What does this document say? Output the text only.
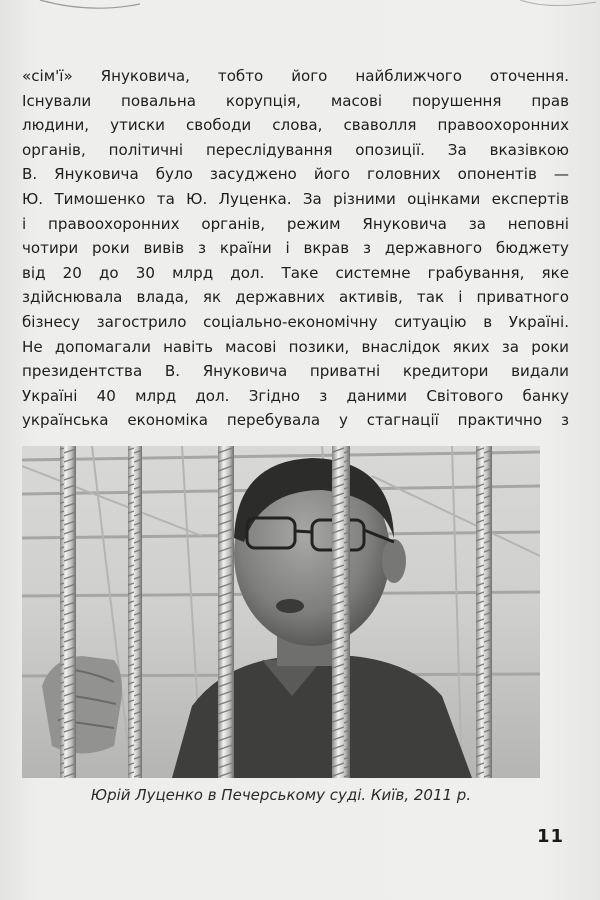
«сім'ї» Януковича, тобто його найближчого оточення.
Існували повальна корупція, масові порушення прав
людини, утиски свободи слова, сваволля правоохоронних
органів, політичні переслідування опозиції. За вказівкою
В. Януковича було засуджено його головних опонентів —
Ю. Тимошенко та Ю. Луценка. За різними оцінками експертів
і правоохоронних органів, режим Януковича за неповні
чотири роки вивів з країни і вкрав з державного бюджету
від 20 до 30 млрд дол. Таке системне грабування, яке
здійснювала влада, як державних активів, так і приватного
бізнесу загострило соціально-економічну ситуацію в Україні.
Не допомагали навіть масові позики, внаслідок яких за роки
президентства В. Януковича приватні кредитори видали
Україні 40 млрд дол. Згідно з даними Світового банку
українська економіка перебувала у стагнації практично з
Юрій Луценко в Печерському суді. Київ, 2011 р.
11
